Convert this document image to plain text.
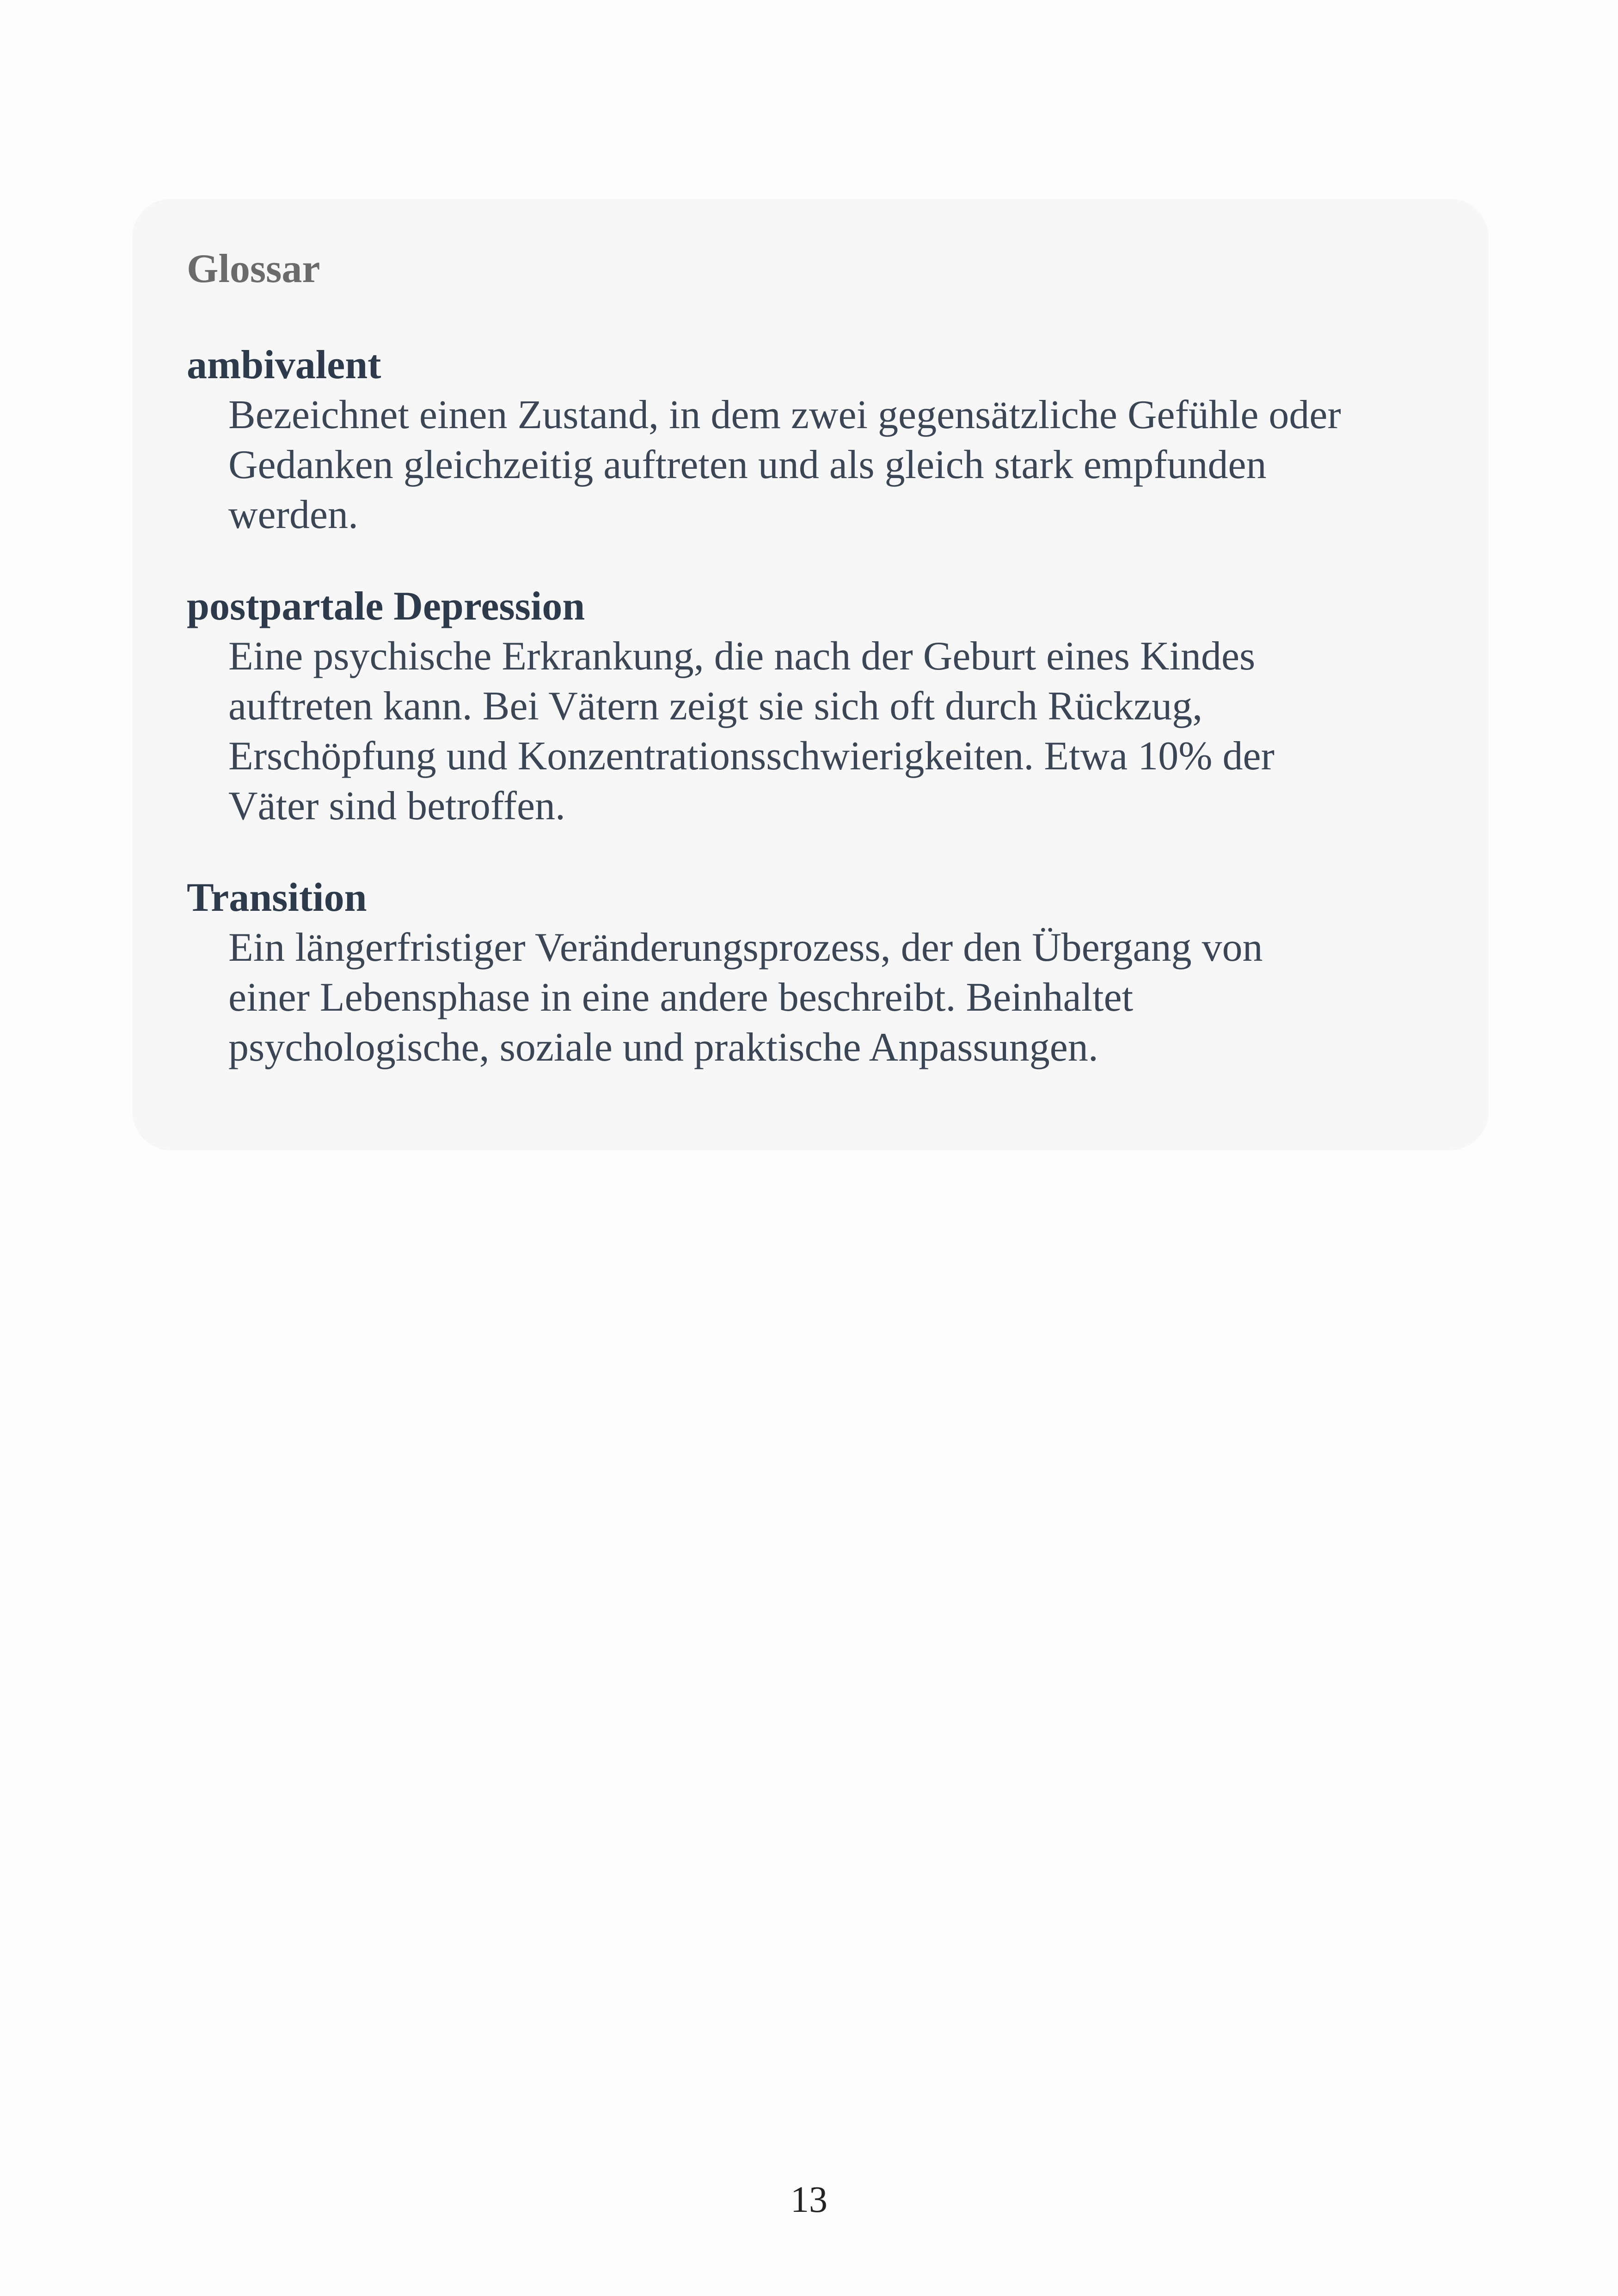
Glossar

ambivalent

Bezeichnet einen Zustand, in dem zwei gegensätzliche Gefühle oder
Gedanken gleichzeitig auftreten und als gleich stark empfunden
werden.

postpartale Depression

Eine psychische Erkrankung, die nach der Geburt eines Kindes
auftreten kann. Bei Vätern zeigt sie sich oft durch Rückzug,
Erschöpfung und Konzentrationsschwierigkeiten. Etwa 10% der
Väter sind betroffen.

Transition

Ein längerfristiger Veränderungsprozess, der den Übergang von
einer Lebensphase in eine andere beschreibt. Beinhaltet
psychologische, soziale und praktische Anpassungen.

13
